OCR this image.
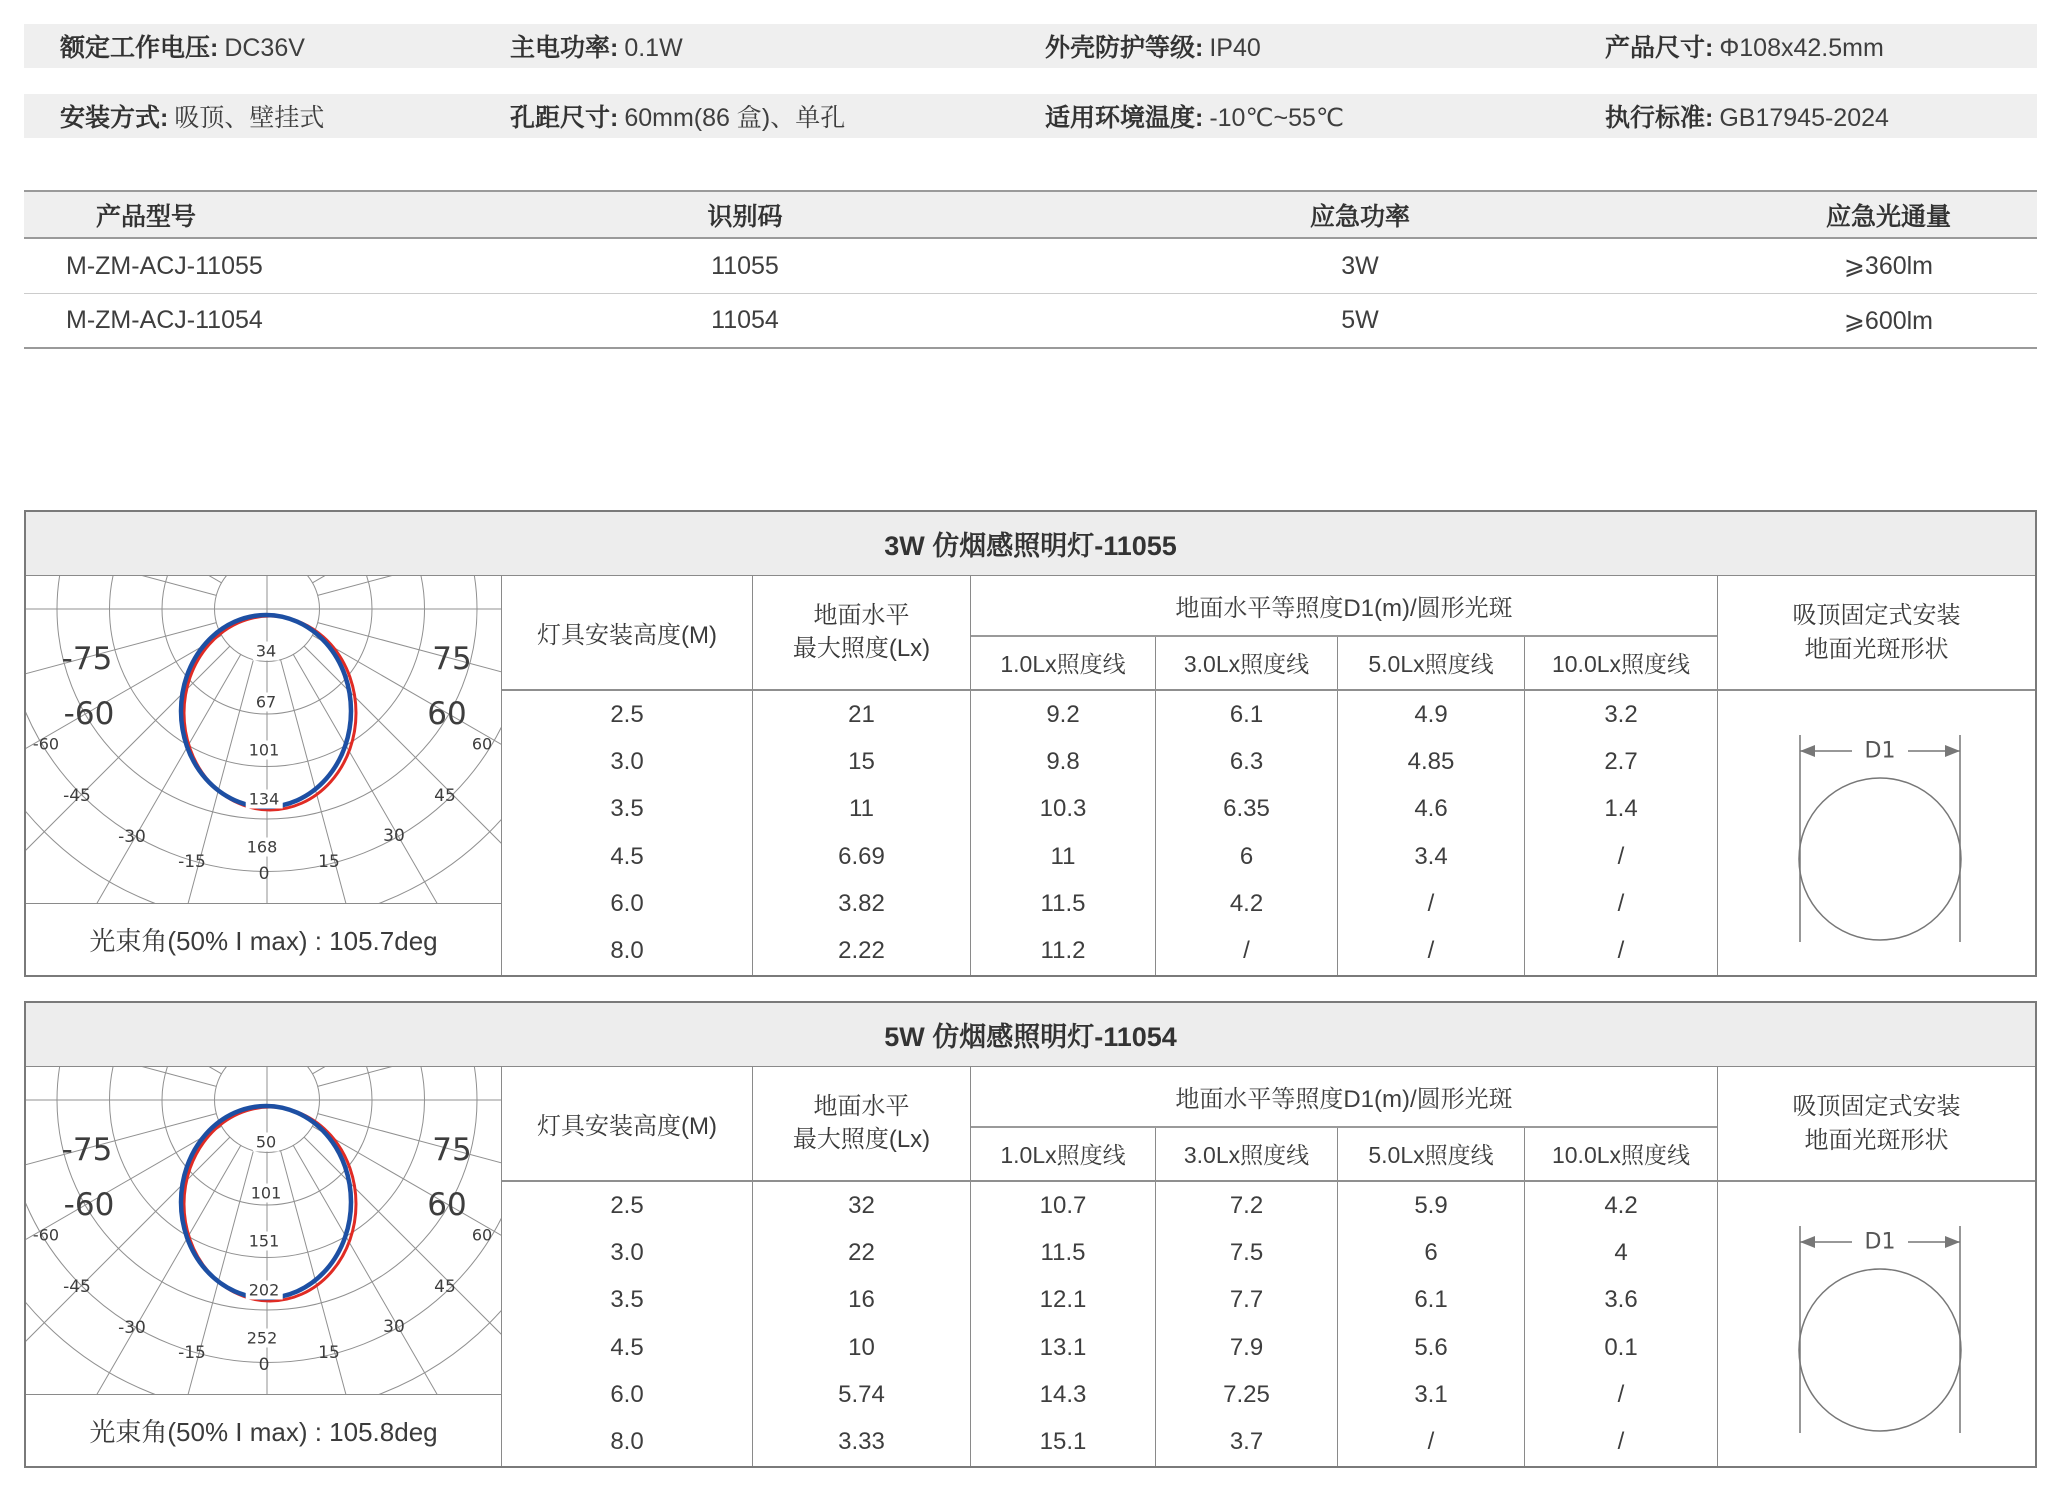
额定工作电压: DC36V	主电功率: 0.1W	外壳防护等级: IP40	产品尺寸: Φ108x42.5mm
安装方式: 吸顶、壁挂式	孔距尺寸: 60mm(86 盒)、单孔	适用环境温度: -10℃~55℃	执行标准: GB17945-2024
产品型号	识别码	应急功率	应急光通量
M-ZM-ACJ-11055	11055	3W	⩾360lm
M-ZM-ACJ-11054	11054	5W	⩾600lm
3W 仿烟感照明灯-11055
34
67
101
134
168
-75	75
-60	60
-60	60
-45	45
-30	30
-15	15
0
光束角(50% I max) : 105.7deg
灯具安装高度(M)
地面水平
最大照度(Lx)
地面水平等照度D1(m)/圆形光斑
1.0Lx照度线	3.0Lx照度线	5.0Lx照度线	10.0Lx照度线
吸顶固定式安装
地面光斑形状
2.5	21	9.2	6.1	4.9	3.2
3.0	15	9.8	6.3	4.85	2.7
3.5	11	10.3	6.35	4.6	1.4
4.5	6.69	11	6	3.4	/
6.0	3.82	11.5	4.2	/	/
8.0	2.22	11.2	/	/	/
D1
5W 仿烟感照明灯-11054
50
101
151
202
252
-75	75
-60	60
-60	60
-45	45
-30	30
-15	15
0
光束角(50% I max) : 105.8deg
灯具安装高度(M)
地面水平
最大照度(Lx)
地面水平等照度D1(m)/圆形光斑
1.0Lx照度线	3.0Lx照度线	5.0Lx照度线	10.0Lx照度线
吸顶固定式安装
地面光斑形状
2.5	32	10.7	7.2	5.9	4.2
3.0	22	11.5	7.5	6	4
3.5	16	12.1	7.7	6.1	3.6
4.5	10	13.1	7.9	5.6	0.1
6.0	5.74	14.3	7.25	3.1	/
8.0	3.33	15.1	3.7	/	/
D1
